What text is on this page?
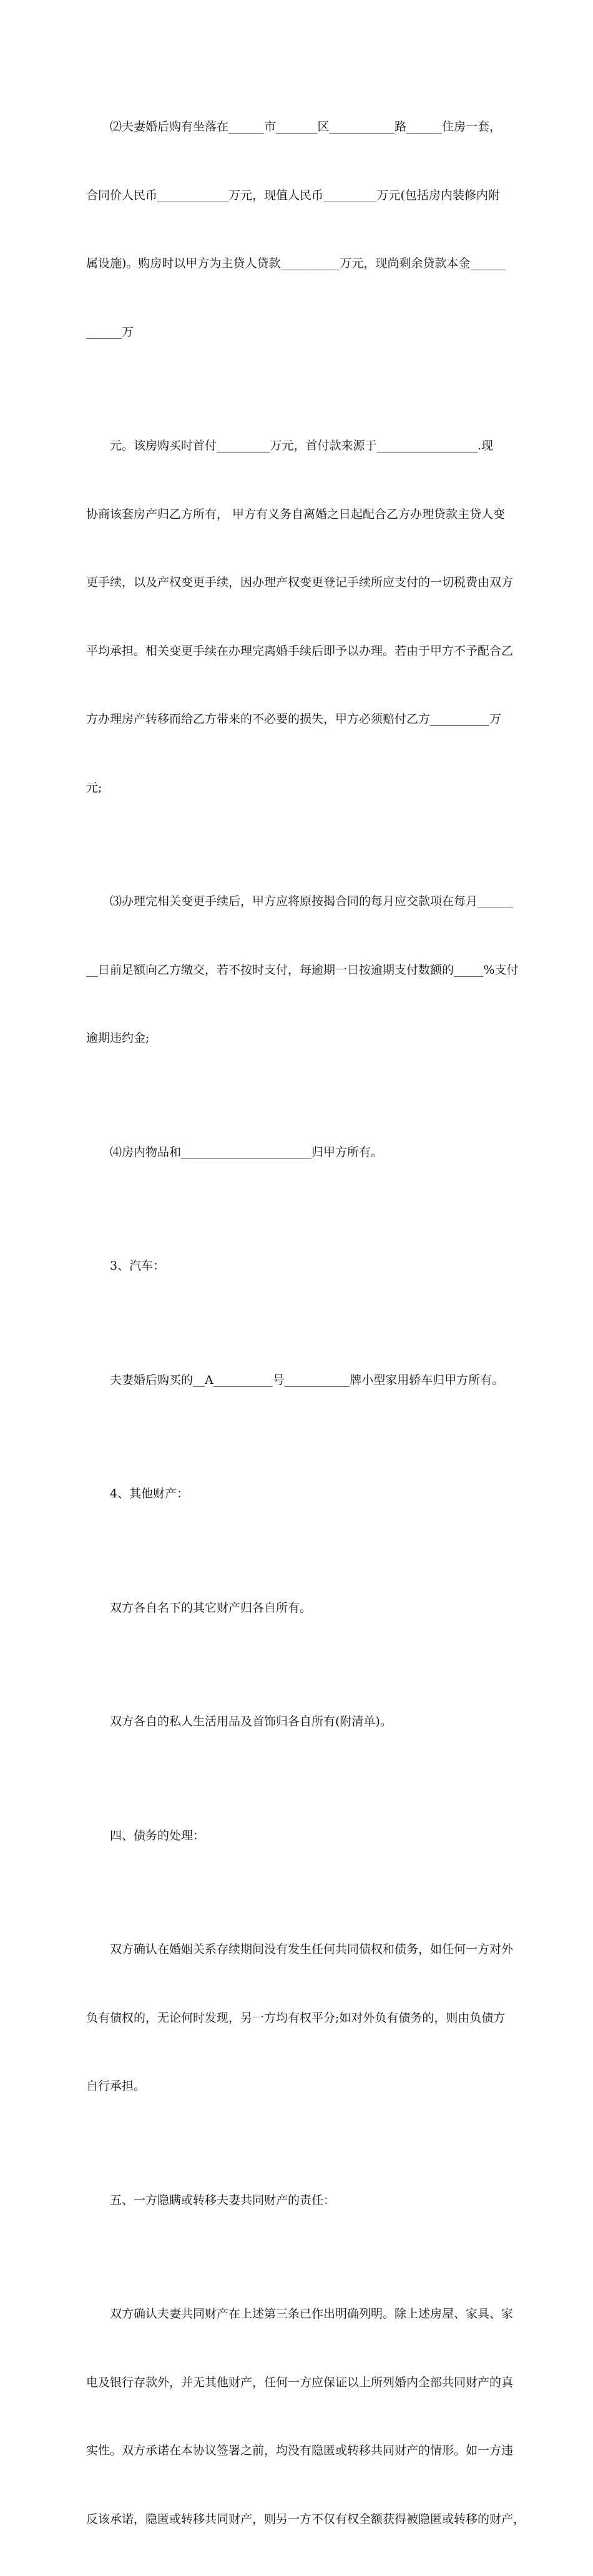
⑵夫妻婚后购有坐落在______市_______区___________路______住房一套，

合同价人民币____________万元，现值人民币_________万元(包括房内装修内附

属设施)。购房时以甲方为主贷人贷款__________万元，现尚剩余贷款本金______

______万

元。该房购买时首付_________万元，首付款来源于_________________.现

协商该套房产归乙方所有， 甲方有义务自离婚之日起配合乙方办理贷款主贷人变

更手续，以及产权变更手续，因办理产权变更登记手续所应支付的一切税费由双方

平均承担。相关变更手续在办理完离婚手续后即予以办理。若由于甲方不予配合乙

方办理房产转移而给乙方带来的不必要的损失，甲方必须赔付乙方__________万

元;

⑶办理完相关变更手续后，甲方应将原按揭合同的每月应交款项在每月______

__日前足额向乙方缴交，若不按时支付，每逾期一日按逾期支付数额的_____%支付

逾期违约金;

⑷房内物品和______________________归甲方所有。

3、汽车：

夫妻婚后购买的__A__________号___________牌小型家用轿车归甲方所有。

4、其他财产：

双方各自名下的其它财产归各自所有。

双方各自的私人生活用品及首饰归各自所有(附清单)。

四、债务的处理：

双方确认在婚姻关系存续期间没有发生任何共同债权和债务，如任何一方对外

负有债权的，无论何时发现，另一方均有权平分;如对外负有债务的，则由负债方

自行承担。

五、一方隐瞒或转移夫妻共同财产的责任：

双方确认夫妻共同财产在上述第三条已作出明确列明。除上述房屋、家具、家

电及银行存款外，并无其他财产，任何一方应保证以上所列婚内全部共同财产的真

实性。双方承诺在本协议签署之前，均没有隐匿或转移共同财产的情形。如一方违

反该承诺，隐匿或转移共同财产，则另一方不仅有权全额获得被隐匿或转移的财产，
